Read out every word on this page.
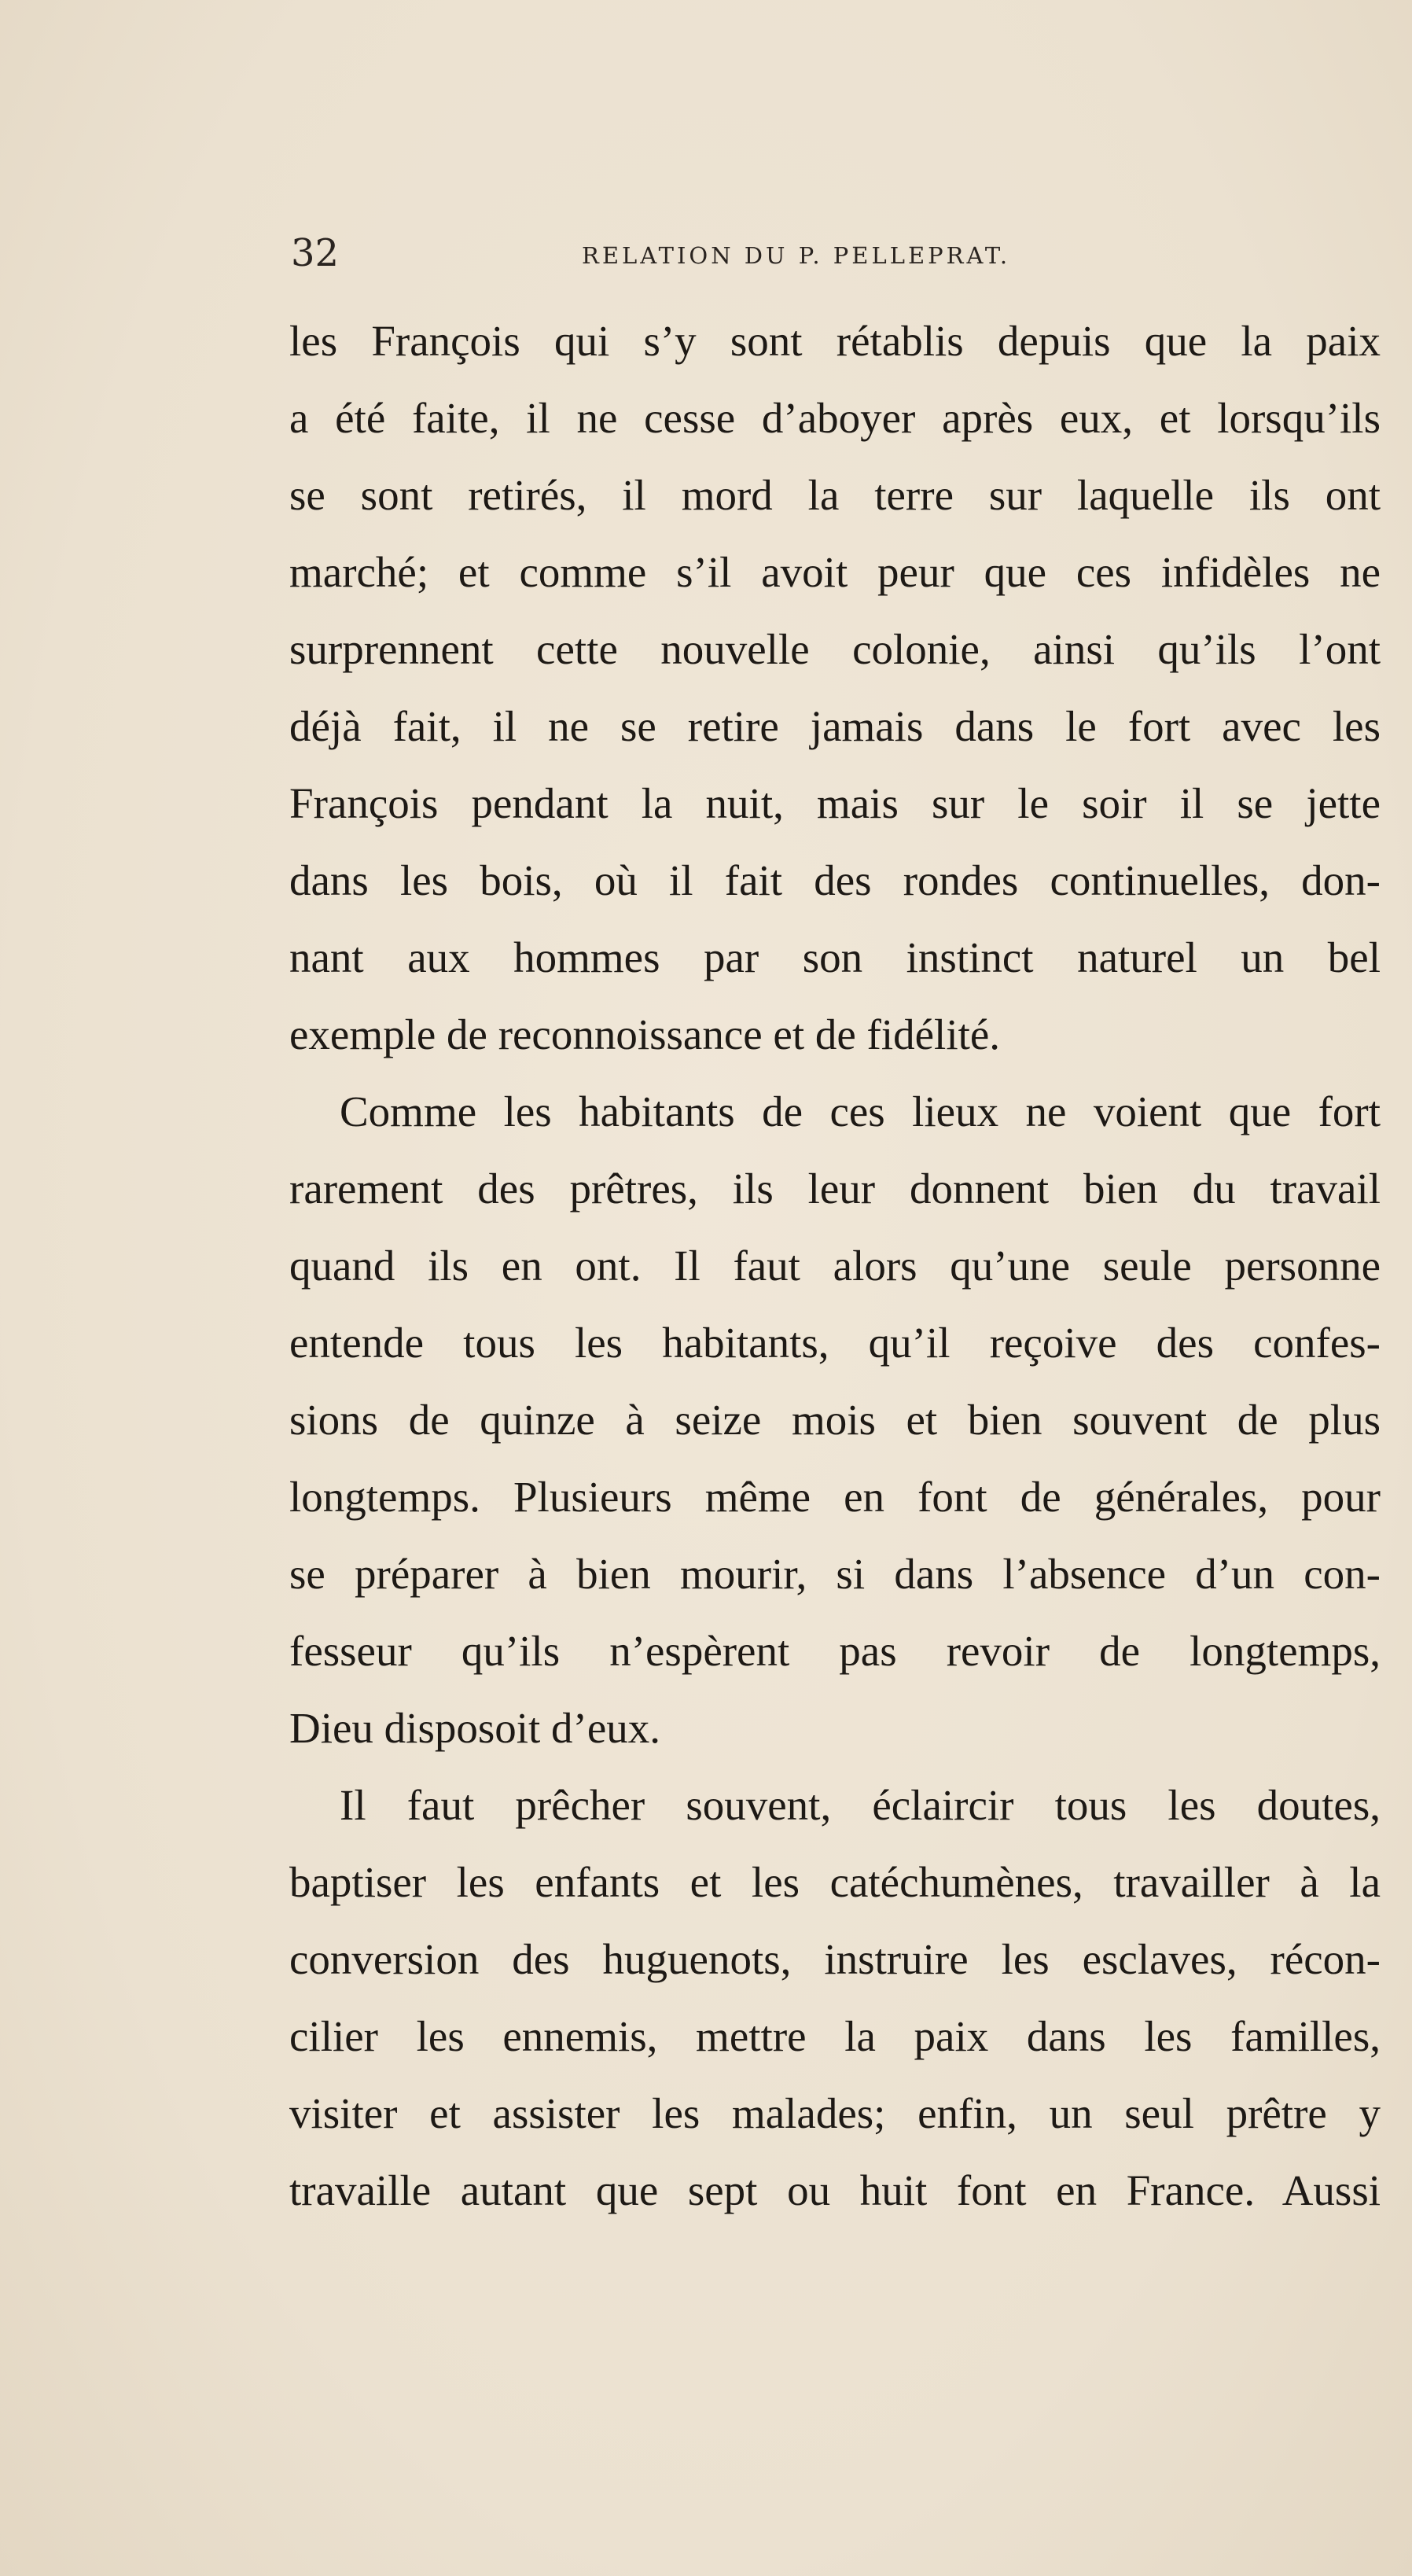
32	RELATION DU P. PELLEPRAT.
les François qui s’y sont rétablis depuis que la paix
a été faite, il ne cesse d’aboyer après eux, et lorsqu’ils
se sont retirés, il mord la terre sur laquelle ils ont
marché; et comme s’il avoit peur que ces infidèles ne
surprennent cette nouvelle colonie, ainsi qu’ils l’ont
déjà fait, il ne se retire jamais dans le fort avec les
François pendant la nuit, mais sur le soir il se jette
dans les bois, où il fait des rondes continuelles, don-
nant aux hommes par son instinct naturel un bel
exemple de reconnoissance et de fidélité.
Comme les habitants de ces lieux ne voient que fort
rarement des prêtres, ils leur donnent bien du travail
quand ils en ont. Il faut alors qu’une seule personne
entende tous les habitants, qu’il reçoive des confes-
sions de quinze à seize mois et bien souvent de plus
longtemps. Plusieurs même en font de générales, pour
se préparer à bien mourir, si dans l’absence d’un con-
fesseur qu’ils n’espèrent pas revoir de longtemps,
Dieu disposoit d’eux.
Il faut prêcher souvent, éclaircir tous les doutes,
baptiser les enfants et les catéchumènes, travailler à la
conversion des huguenots, instruire les esclaves, récon-
cilier les ennemis, mettre la paix dans les familles,
visiter et assister les malades; enfin, un seul prêtre y
travaille autant que sept ou huit font en France. Aussi
